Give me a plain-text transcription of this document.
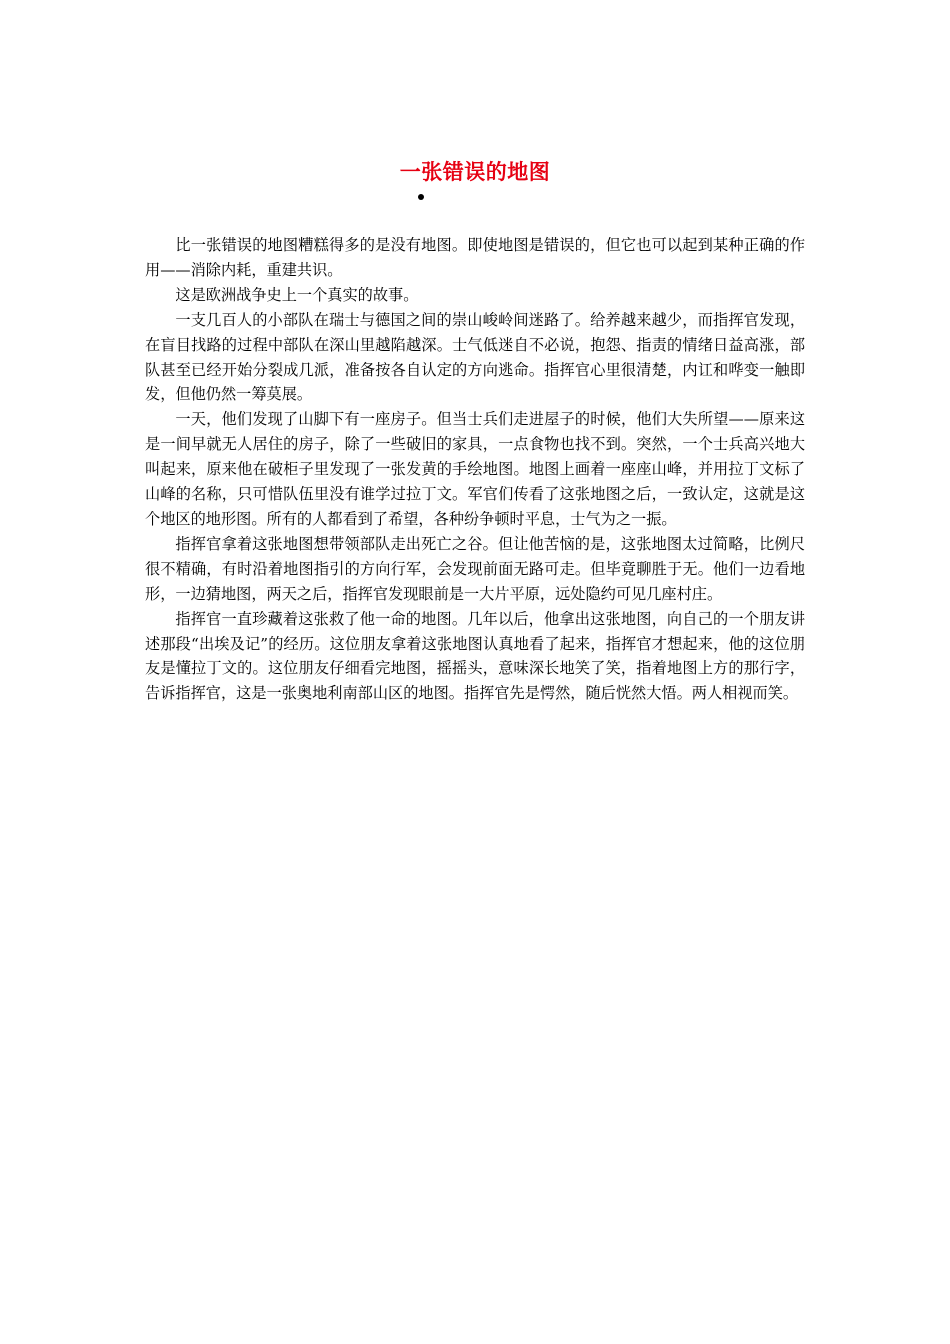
一张错误的地图

比一张错误的地图糟糕得多的是没有地图。即使地图是错误的，但它也可以起到某种正确的作用——消除内耗，重建共识。

这是欧洲战争史上一个真实的故事。

一支几百人的小部队在瑞士与德国之间的崇山峻岭间迷路了。给养越来越少，而指挥官发现，在盲目找路的过程中部队在深山里越陷越深。士气低迷自不必说，抱怨、指责的情绪日益高涨，部队甚至已经开始分裂成几派，准备按各自认定的方向逃命。指挥官心里很清楚，内讧和哗变一触即发，但他仍然一筹莫展。

一天，他们发现了山脚下有一座房子。但当士兵们走进屋子的时候，他们大失所望——原来这是一间早就无人居住的房子，除了一些破旧的家具，一点食物也找不到。突然，一个士兵高兴地大叫起来，原来他在破柜子里发现了一张发黄的手绘地图。地图上画着一座座山峰，并用拉丁文标了山峰的名称，只可惜队伍里没有谁学过拉丁文。军官们传看了这张地图之后，一致认定，这就是这个地区的地形图。所有的人都看到了希望，各种纷争顿时平息，士气为之一振。

指挥官拿着这张地图想带领部队走出死亡之谷。但让他苦恼的是，这张地图太过简略，比例尺很不精确，有时沿着地图指引的方向行军，会发现前面无路可走。但毕竟聊胜于无。他们一边看地形，一边猜地图，两天之后，指挥官发现眼前是一大片平原，远处隐约可见几座村庄。

指挥官一直珍藏着这张救了他一命的地图。几年以后，他拿出这张地图，向自己的一个朋友讲述那段“出埃及记”的经历。这位朋友拿着这张地图认真地看了起来，指挥官才想起来，他的这位朋友是懂拉丁文的。这位朋友仔细看完地图，摇摇头，意味深长地笑了笑，指着地图上方的那行字，告诉指挥官，这是一张奥地利南部山区的地图。指挥官先是愕然，随后恍然大悟。两人相视而笑。
